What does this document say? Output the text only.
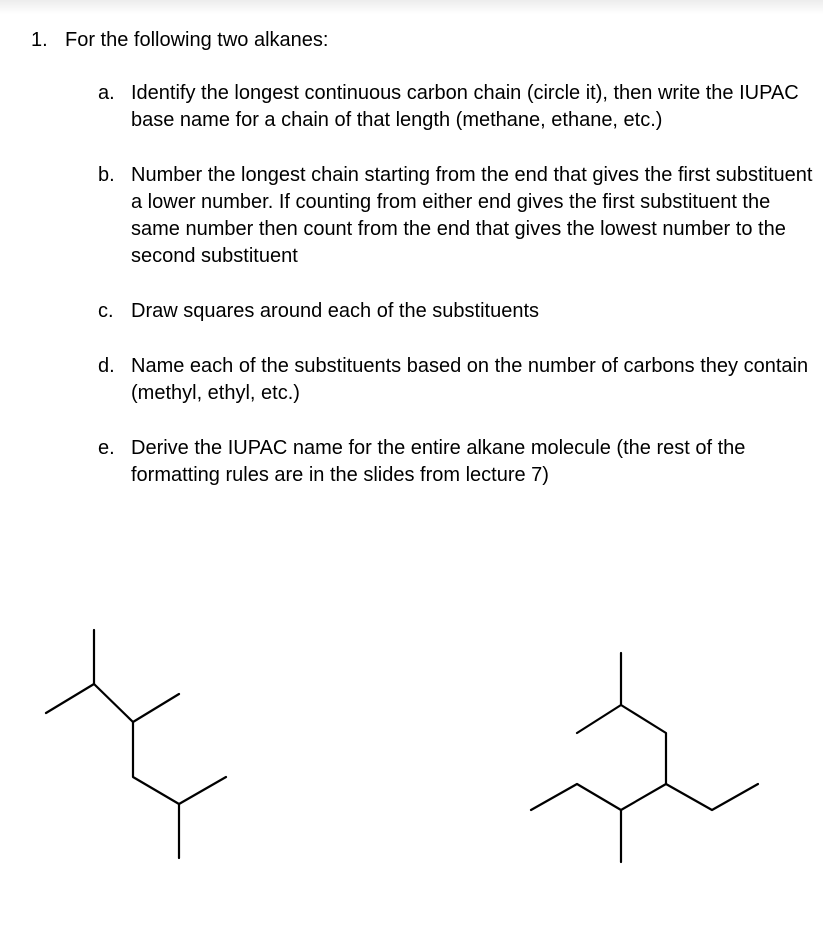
1. For the following two alkanes:
a. Identify the longest continuous carbon chain (circle it), then write the IUPAC base name for a chain of that length (methane, ethane, etc.)
b. Number the longest chain starting from the end that gives the first substituent a lower number. If counting from either end gives the first substituent the same number then count from the end that gives the lowest number to the second substituent
c. Draw squares around each of the substituents
d. Name each of the substituents based on the number of carbons they contain (methyl, ethyl, etc.)
e. Derive the IUPAC name for the entire alkane molecule (the rest of the formatting rules are in the slides from lecture 7)
